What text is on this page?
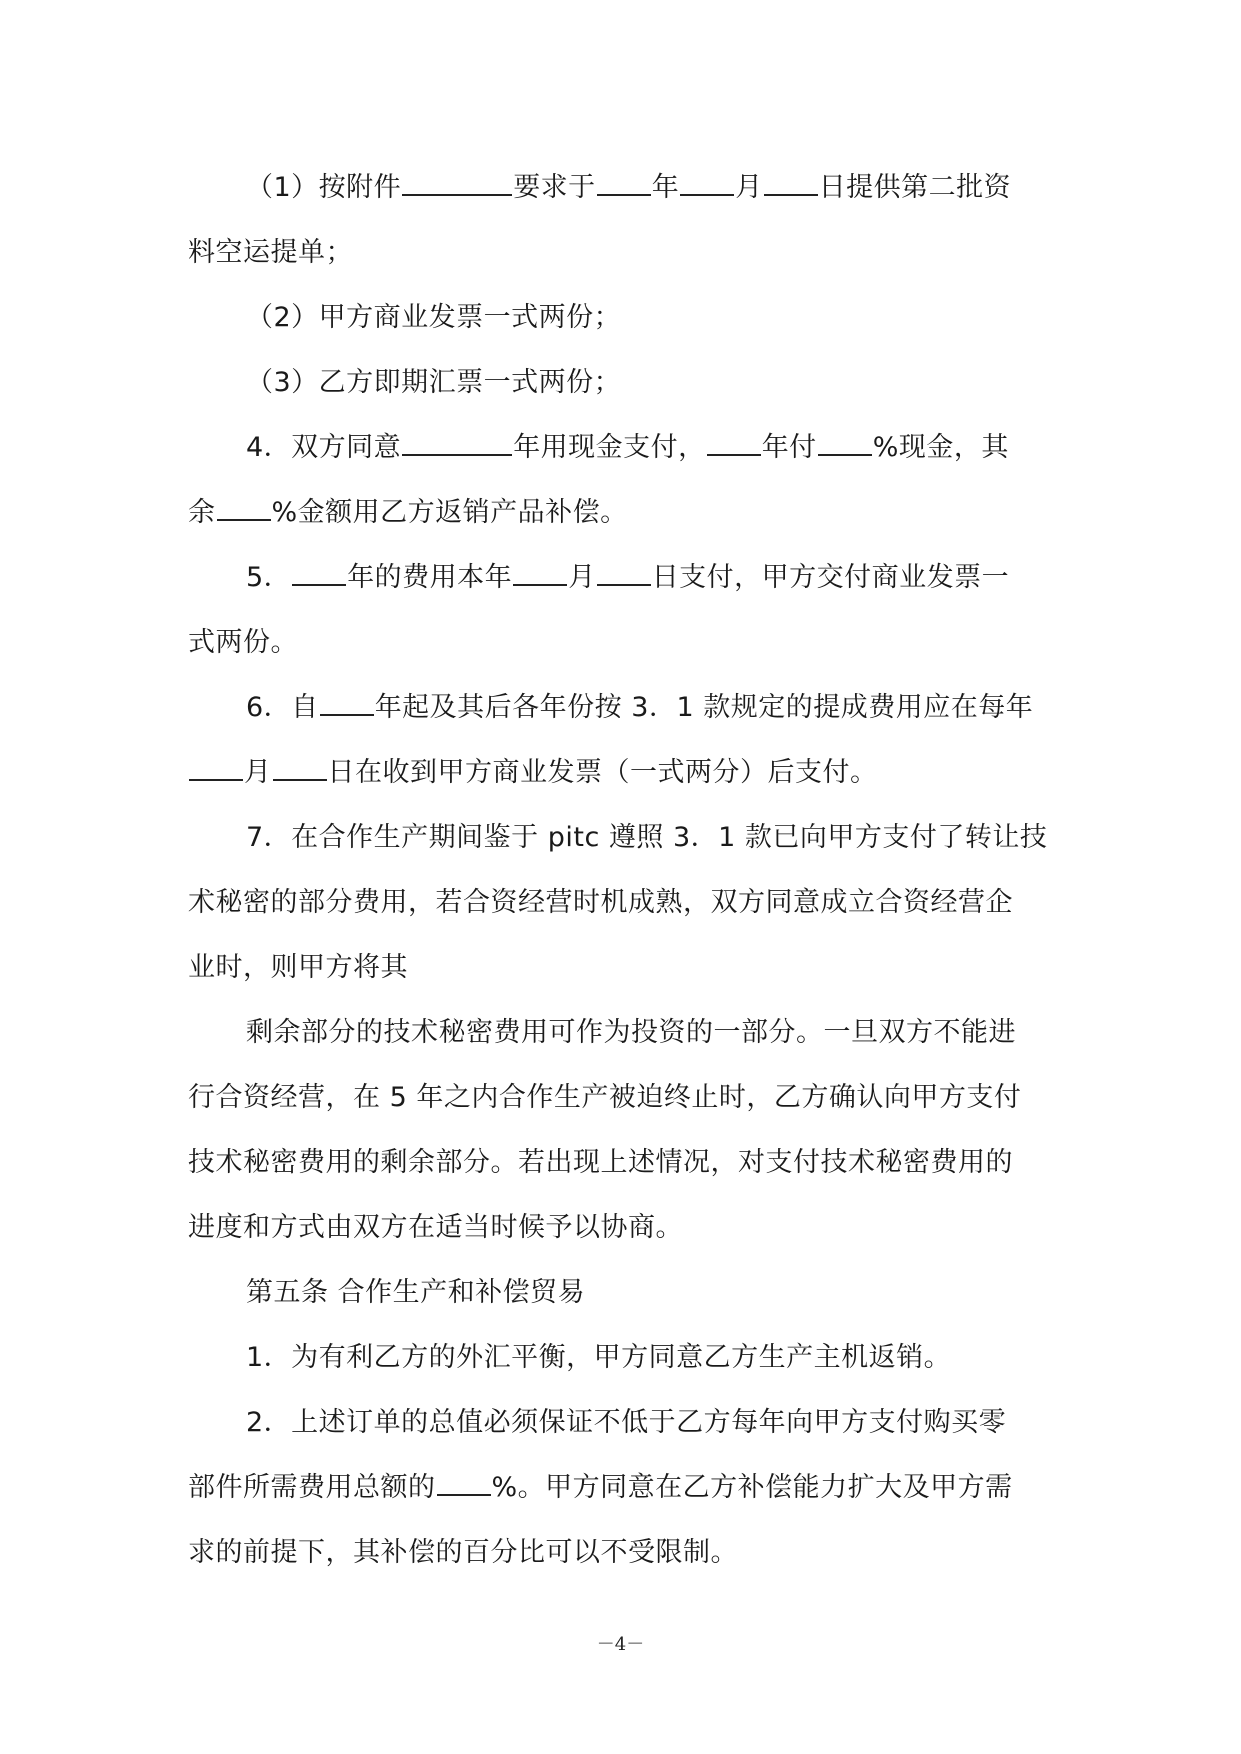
（1）按附件	要求于 年 月 日提供第二批资
料空运提单；
（2）甲方商业发票一式两份；
（3）乙方即期汇票一式两份；
4．双方同意	年用现金支付， 年付 %现金，其
余 %金额用乙方返销产品补偿。
5． 年的费用本年 月 日支付，甲方交付商业发票一
式两份。
6．自 年起及其后各年份按 3．1 款规定的提成费用应在每年
月 日在收到甲方商业发票（一式两分）后支付。
7．在合作生产期间鉴于 pitc 遵照 3．1 款已向甲方支付了转让技
术秘密的部分费用，若合资经营时机成熟，双方同意成立合资经营企
业时，则甲方将其
剩余部分的技术秘密费用可作为投资的一部分。一旦双方不能进
行合资经营，在 5 年之内合作生产被迫终止时，乙方确认向甲方支付
技术秘密费用的剩余部分。若出现上述情况，对支付技术秘密费用的
进度和方式由双方在适当时候予以协商。
第五条 合作生产和补偿贸易
1．为有利乙方的外汇平衡，甲方同意乙方生产主机返销。
2．上述订单的总值必须保证不低于乙方每年向甲方支付购买零
部件所需费用总额的 %。甲方同意在乙方补偿能力扩大及甲方需
求的前提下，其补偿的百分比可以不受限制。
－4－
